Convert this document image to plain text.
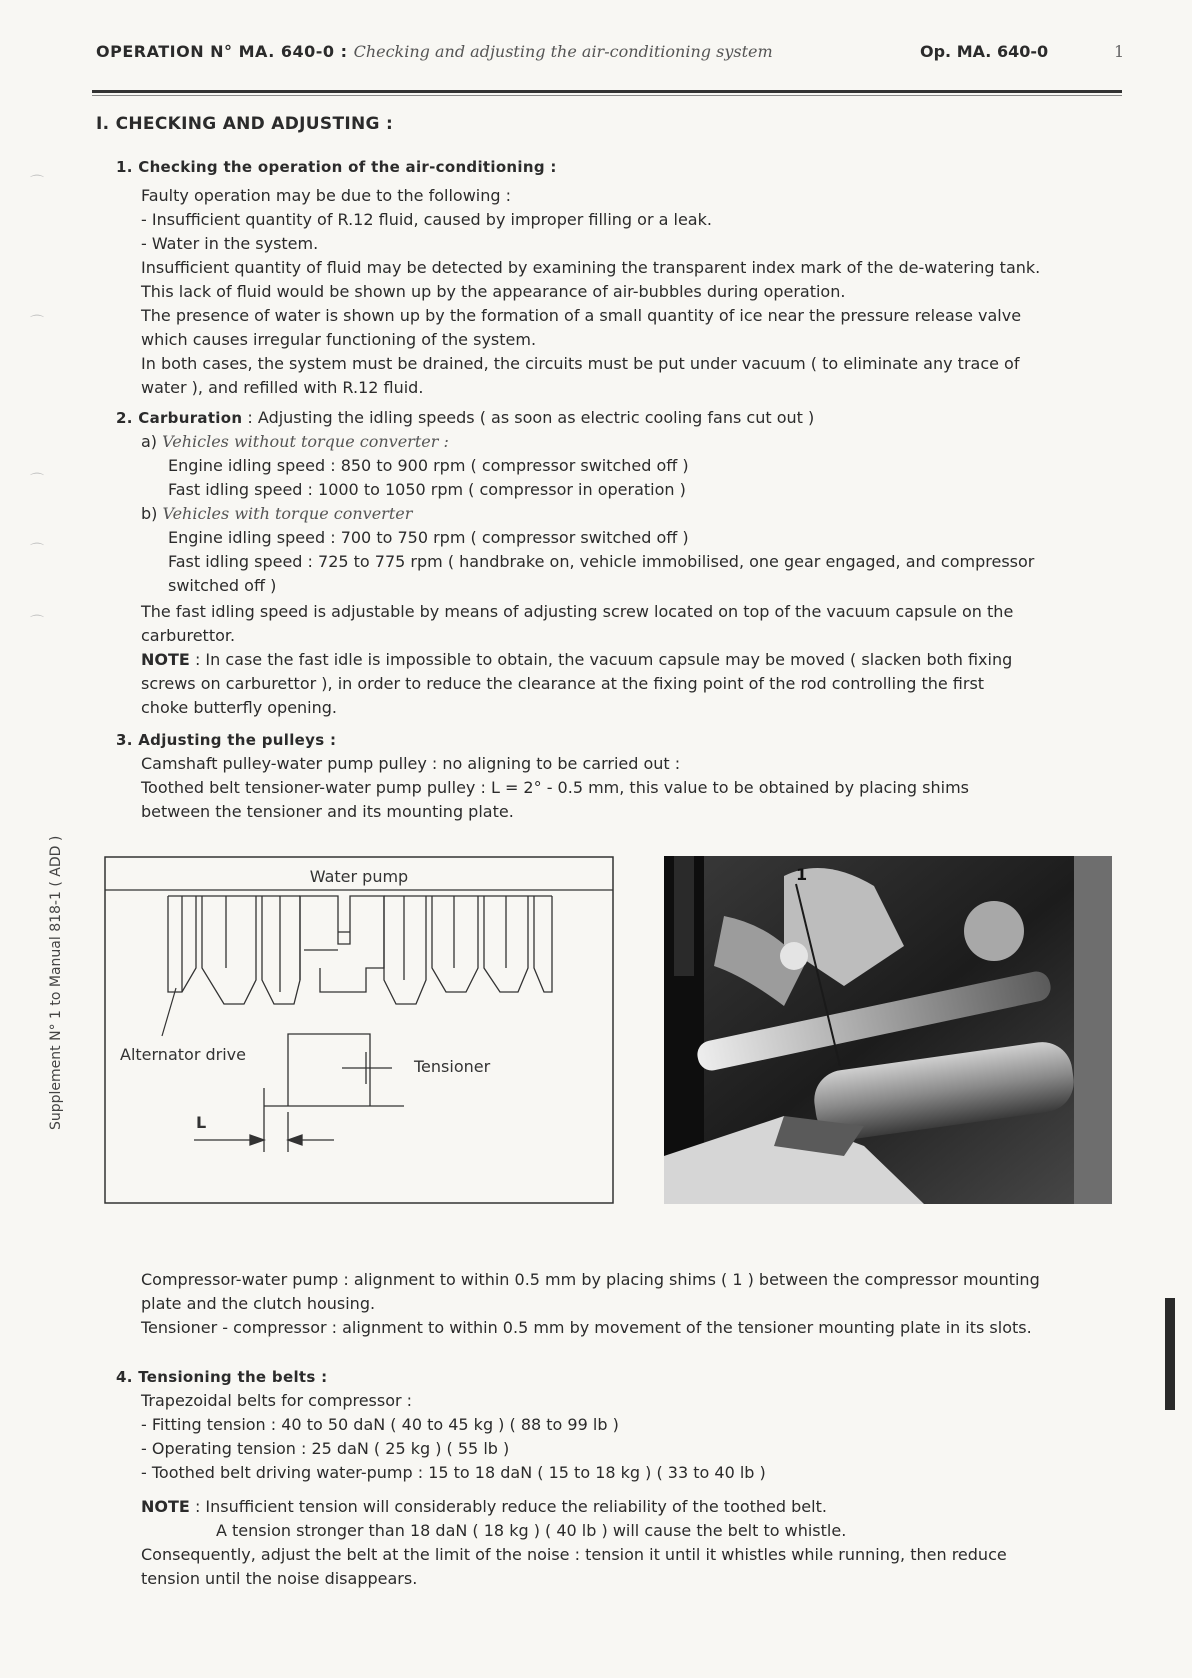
OPERATION N° MA. 640-0 : Checking and adjusting the air-conditioning system	Op. MA. 640-0	1
⌒
⌒
⌒
⌒
⌒
I. CHECKING AND ADJUSTING :
1. Checking the operation of the air-conditioning :
Faulty operation may be due to the following :
- Insufficient quantity of R.12 fluid, caused by improper filling or a leak.
- Water in the system.
Insufficient quantity of fluid may be detected by examining the transparent index mark of the de-watering tank.
This lack of fluid would be shown up by the appearance of air-bubbles during operation.
The presence of water is shown up by the formation of a small quantity of ice near the pressure release valve
which causes irregular functioning of the system.
In both cases, the system must be drained, the circuits must be put under vacuum ( to eliminate any trace of
water ), and refilled with R.12 fluid.
2. Carburation : Adjusting the idling speeds ( as soon as electric cooling fans cut out )
a) Vehicles without torque converter :
Engine idling speed : 850 to 900 rpm ( compressor switched off )
Fast idling speed : 1000 to 1050 rpm ( compressor in operation )
b) Vehicles with torque converter
Engine idling speed : 700 to 750 rpm ( compressor switched off )
Fast idling speed : 725 to 775 rpm ( handbrake on, vehicle immobilised, one gear engaged, and compressor
switched off )
The fast idling speed is adjustable by means of adjusting screw located on top of the vacuum capsule on the
carburettor.
NOTE : In case the fast idle is impossible to obtain, the vacuum capsule may be moved ( slacken both fixing
screws on carburettor ), in order to reduce the clearance at the fixing point of the rod controlling the first
choke butterfly opening.
3. Adjusting the pulleys :
Camshaft pulley-water pump pulley : no aligning to be carried out :
Toothed belt tensioner-water pump pulley : L = 2° - 0.5 mm, this value to be obtained by placing shims
between the tensioner and its mounting plate.
Compressor-water pump : alignment to within 0.5 mm by placing shims ( 1 ) between the compressor mounting
plate and the clutch housing.
Tensioner - compressor : alignment to within 0.5 mm by movement of the tensioner mounting plate in its slots.
4. Tensioning the belts :
Trapezoidal belts for compressor :
- Fitting tension : 40 to 50 daN ( 40 to 45 kg ) ( 88 to 99 lb )
- Operating tension : 25 daN ( 25 kg ) ( 55 lb )
- Toothed belt driving water-pump : 15 to 18 daN ( 15 to 18 kg ) ( 33 to 40 lb )
NOTE : Insufficient tension will considerably reduce the reliability of the toothed belt.
A tension stronger than 18 daN ( 18 kg ) ( 40 lb ) will cause the belt to whistle.
Consequently, adjust the belt at the limit of the noise : tension it until it whistles while running, then reduce
tension until the noise disappears.
Water pump
Tensioner
Alternator drive
L
1
Supplement N° 1 to Manual 818-1 ( ADD )
